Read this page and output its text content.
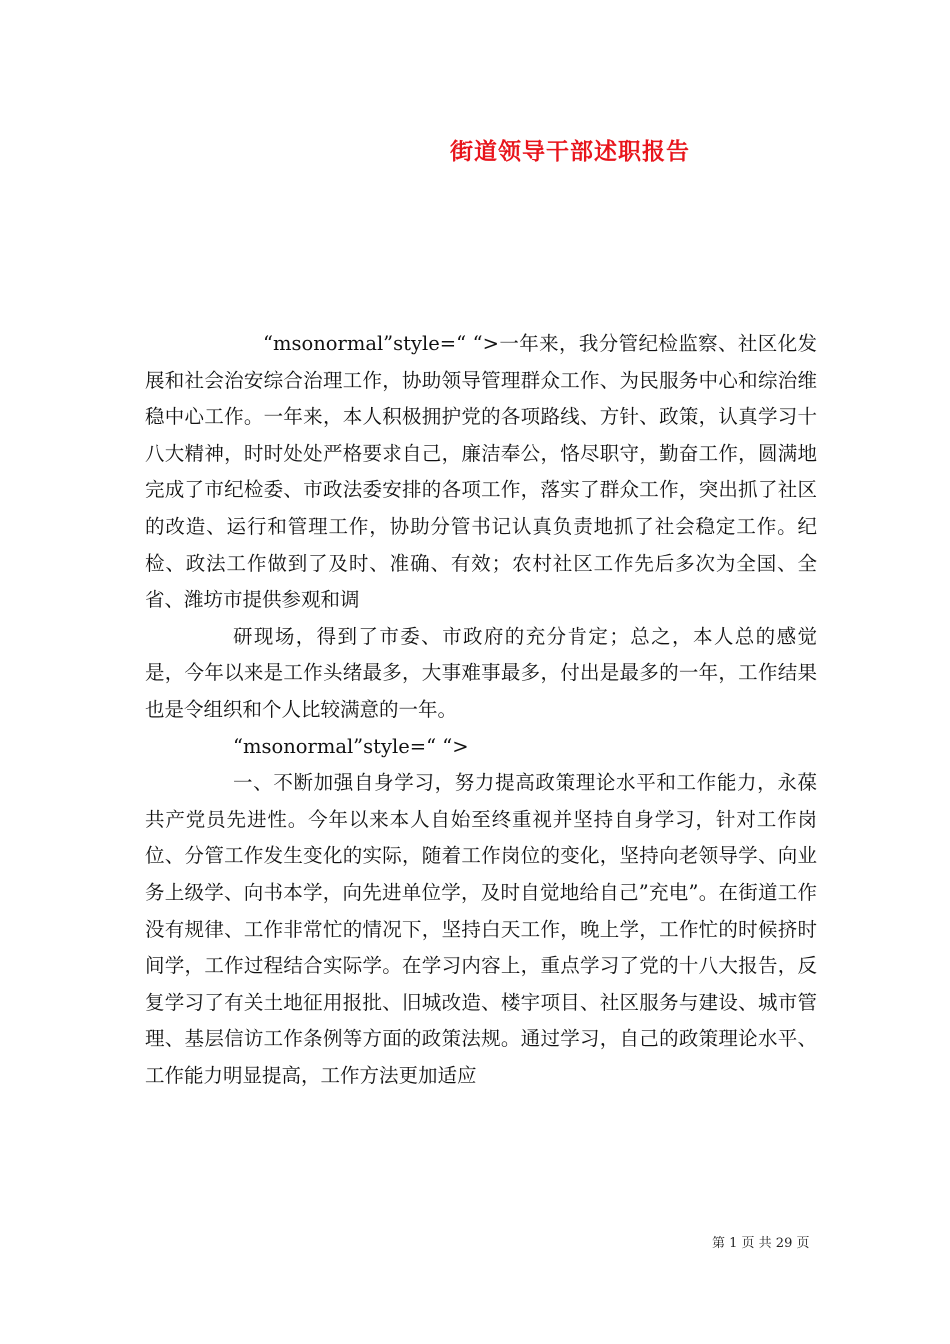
街道领导干部述职报告

“msonormal”style=“ “>一年来，我分管纪检监察、社区化发展和社会治安综合治理工作，协助领导管理群众工作、为民服务中心和综治维稳中心工作。一年来，本人积极拥护党的各项路线、方针、政策，认真学习十八大精神，时时处处严格要求自己，廉洁奉公，恪尽职守，勤奋工作，圆满地完成了市纪检委、市政法委安排的各项工作，落实了群众工作，突出抓了社区的改造、运行和管理工作，协助分管书记认真负责地抓了社会稳定工作。纪检、政法工作做到了及时、准确、有效；农村社区工作先后多次为全国、全省、潍坊市提供参观和调

研现场，得到了市委、市政府的充分肯定；总之，本人总的感觉是，今年以来是工作头绪最多，大事难事最多，付出是最多的一年，工作结果也是令组织和个人比较满意的一年。

“msonormal”style=“ “>

一、不断加强自身学习，努力提高政策理论水平和工作能力，永葆共产党员先进性。今年以来本人自始至终重视并坚持自身学习，针对工作岗位、分管工作发生变化的实际，随着工作岗位的变化，坚持向老领导学、向业务上级学、向书本学，向先进单位学，及时自觉地给自己”充电”。在街道工作没有规律、工作非常忙的情况下，坚持白天工作，晚上学，工作忙的时候挤时间学，工作过程结合实际学。在学习内容上，重点学习了党的十八大报告，反复学习了有关土地征用报批、旧城改造、楼宇项目、社区服务与建设、城市管理、基层信访工作条例等方面的政策法规。通过学习，自己的政策理论水平、工作能力明显提高，工作方法更加适应

第 1 页 共 29 页
